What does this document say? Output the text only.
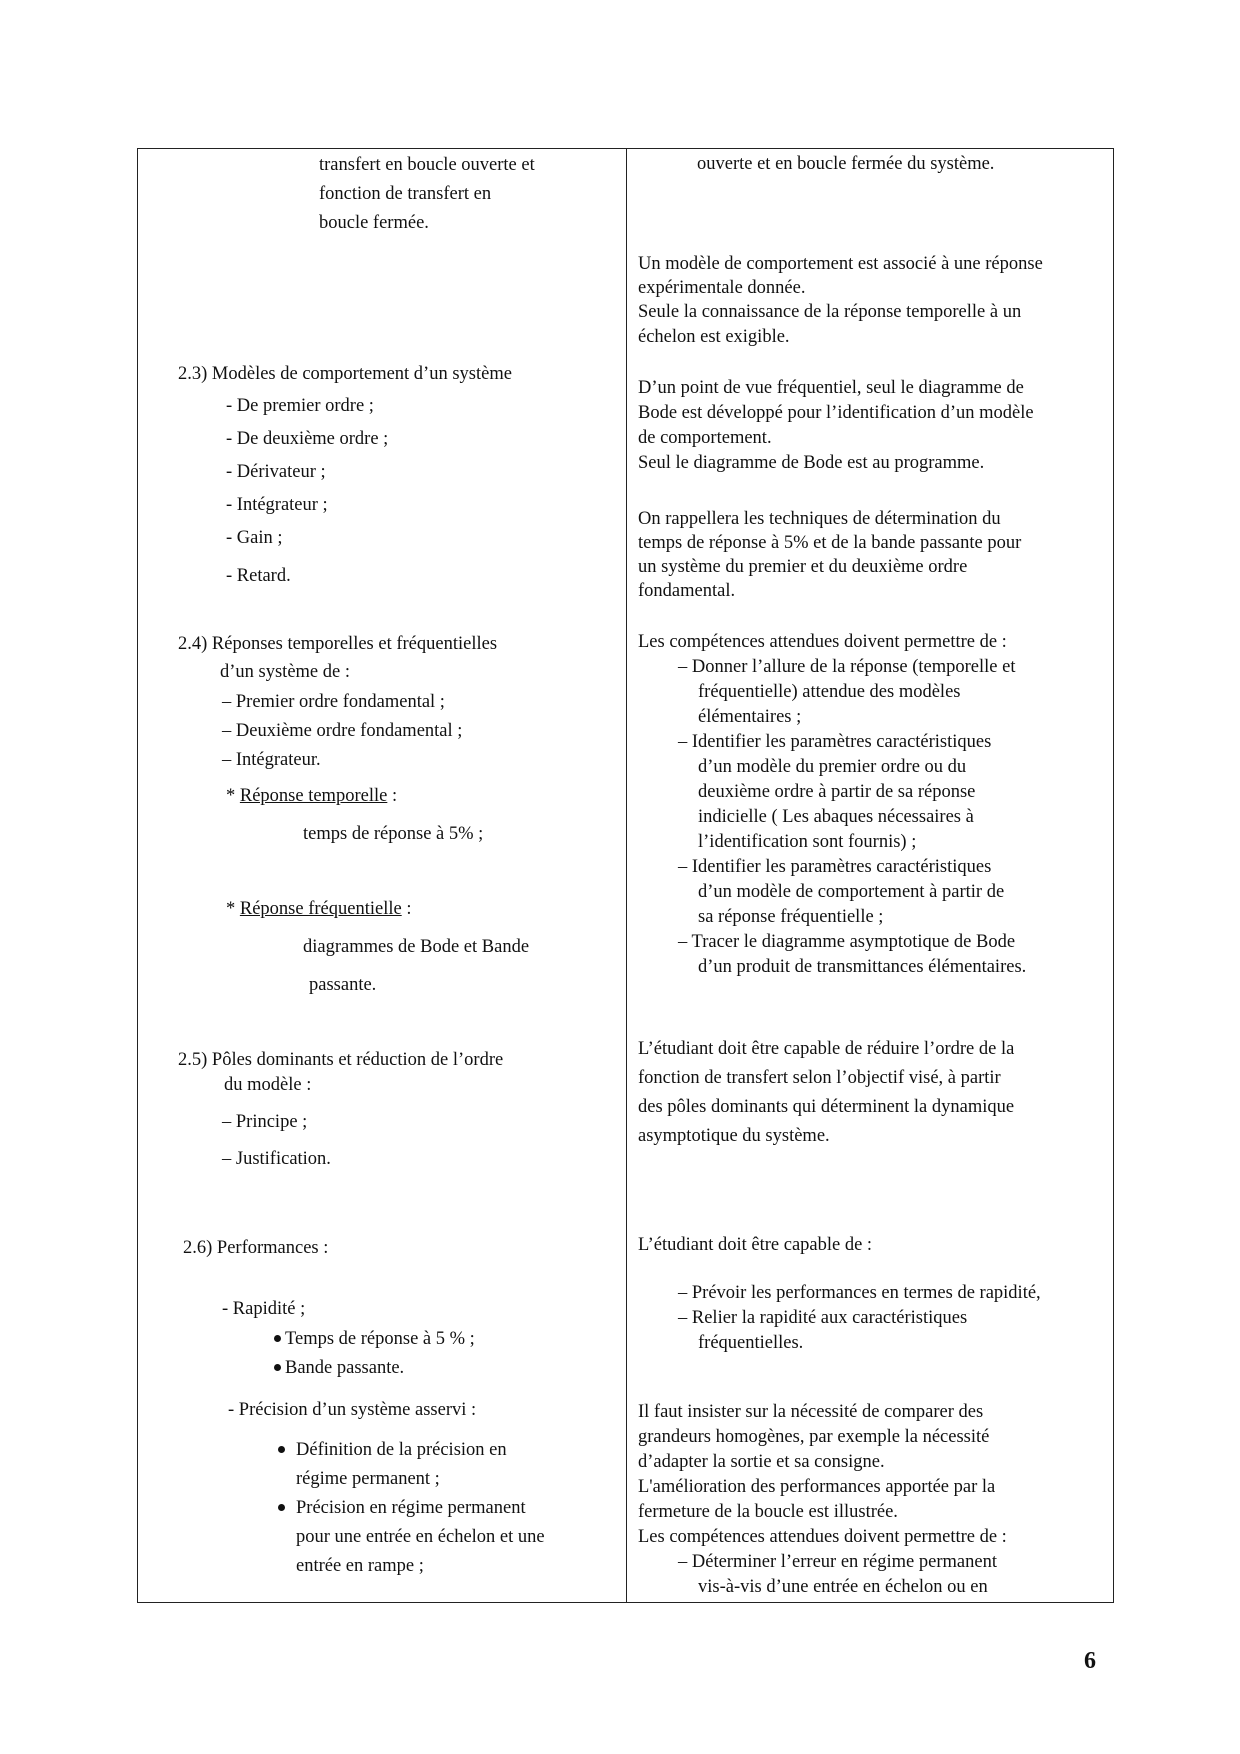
transfert en boucle ouverte et
fonction de transfert en
boucle fermée.
2.3) Modèles de comportement d’un système
- De premier ordre ;
- De deuxième ordre ;
- Dérivateur ;
- Intégrateur ;
- Gain ;
- Retard.
2.4) Réponses temporelles et fréquentielles
d’un système de :
– Premier ordre fondamental ;
– Deuxième ordre fondamental ;
– Intégrateur.
* Réponse temporelle :
temps de réponse à 5% ;
* Réponse fréquentielle :
diagrammes de Bode et Bande
passante.
2.5) Pôles dominants et réduction de l’ordre
du modèle :
– Principe ;
– Justification.
2.6) Performances :
- Rapidité ;
Temps de réponse à 5 % ;
Bande passante.
- Précision d’un système asservi :
Définition de la précision en
régime permanent ;
Précision en régime permanent
pour une entrée en échelon et une
entrée en rampe ;
ouverte et en boucle fermée du système.
Un modèle de comportement est associé à une réponse
expérimentale donnée.
Seule la connaissance de la réponse temporelle à un
échelon est exigible.
D’un point de vue fréquentiel, seul le diagramme de
Bode est développé pour l’identification d’un modèle
de comportement.
Seul le diagramme de Bode est au programme.
On rappellera les techniques de détermination du
temps de réponse à 5% et de la bande passante pour
un système du premier et du deuxième ordre
fondamental.
Les compétences attendues doivent permettre de :
– Donner l’allure de la réponse (temporelle et
fréquentielle) attendue des modèles
élémentaires ;
– Identifier les paramètres caractéristiques
d’un modèle du premier ordre ou du
deuxième ordre à partir de sa réponse
indicielle ( Les abaques nécessaires à
l’identification sont fournis) ;
– Identifier les paramètres caractéristiques
d’un modèle de comportement à partir de
sa réponse fréquentielle ;
– Tracer le diagramme asymptotique de Bode
d’un produit de transmittances élémentaires.
L’étudiant doit être capable de réduire l’ordre de la
fonction de transfert selon l’objectif visé, à partir
des pôles dominants qui déterminent la dynamique
asymptotique du système.
L’étudiant doit être capable de :
– Prévoir les performances en termes de rapidité,
– Relier la rapidité aux caractéristiques
fréquentielles.
Il faut insister sur la nécessité de comparer des
grandeurs homogènes, par exemple la nécessité
d’adapter la sortie et sa consigne.
L'amélioration des performances apportée par la
fermeture de la boucle est illustrée.
Les compétences attendues doivent permettre de :
– Déterminer l’erreur en régime permanent
vis-à-vis d’une entrée en échelon ou en
6
